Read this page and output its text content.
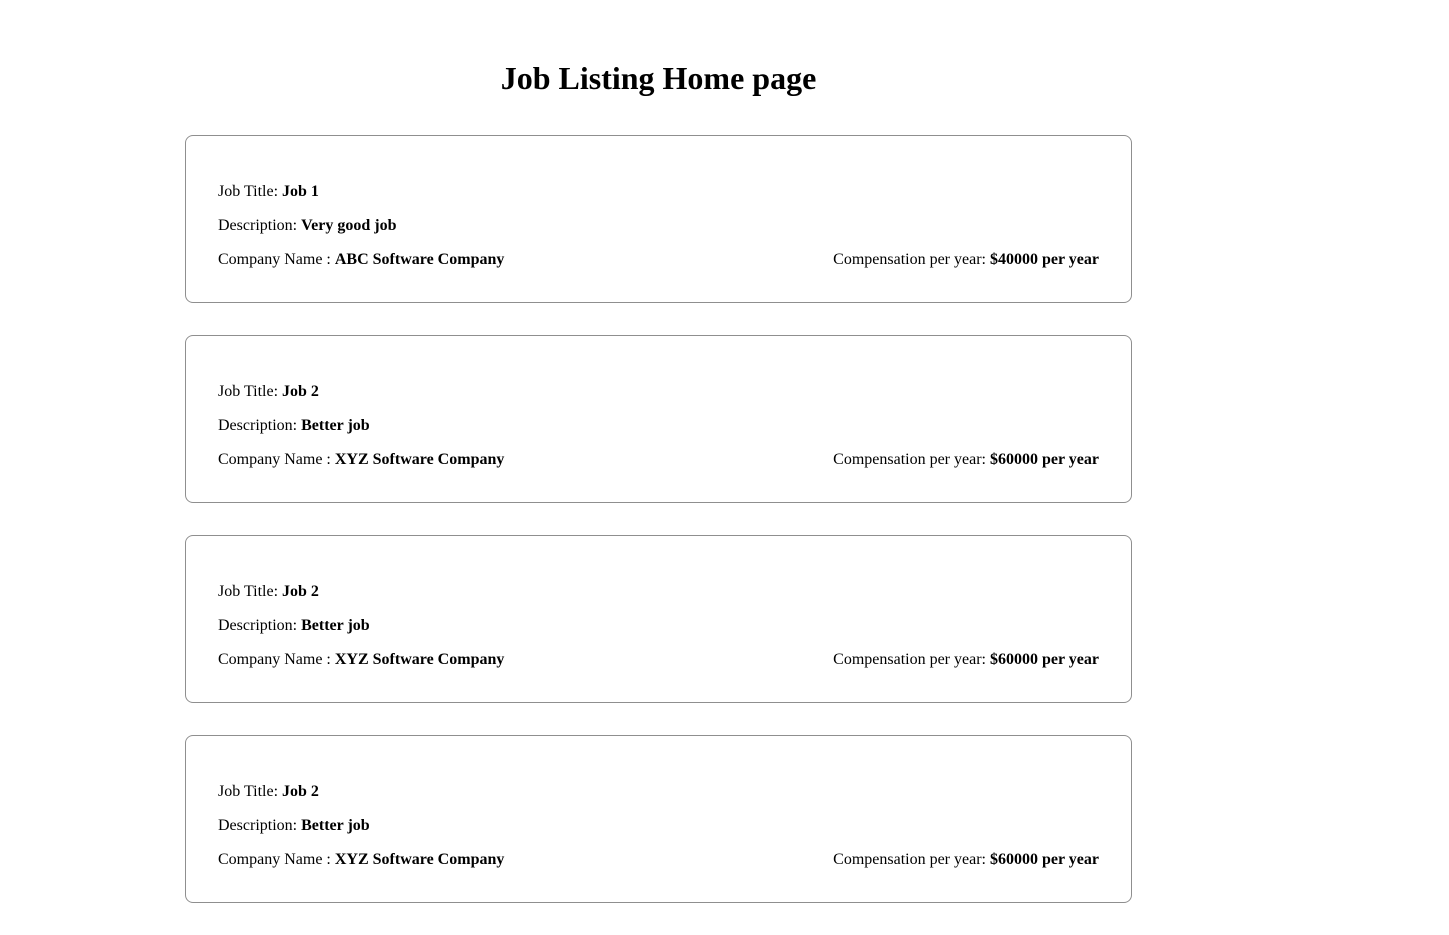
Job Listing Home page
Job Title: Job 1
Description: Very good job
Company Name : ABC Software Company	Compensation per year: $40000 per year
Job Title: Job 2
Description: Better job
Company Name : XYZ Software Company	Compensation per year: $60000 per year
Job Title: Job 2
Description: Better job
Company Name : XYZ Software Company	Compensation per year: $60000 per year
Job Title: Job 2
Description: Better job
Company Name : XYZ Software Company	Compensation per year: $60000 per year
